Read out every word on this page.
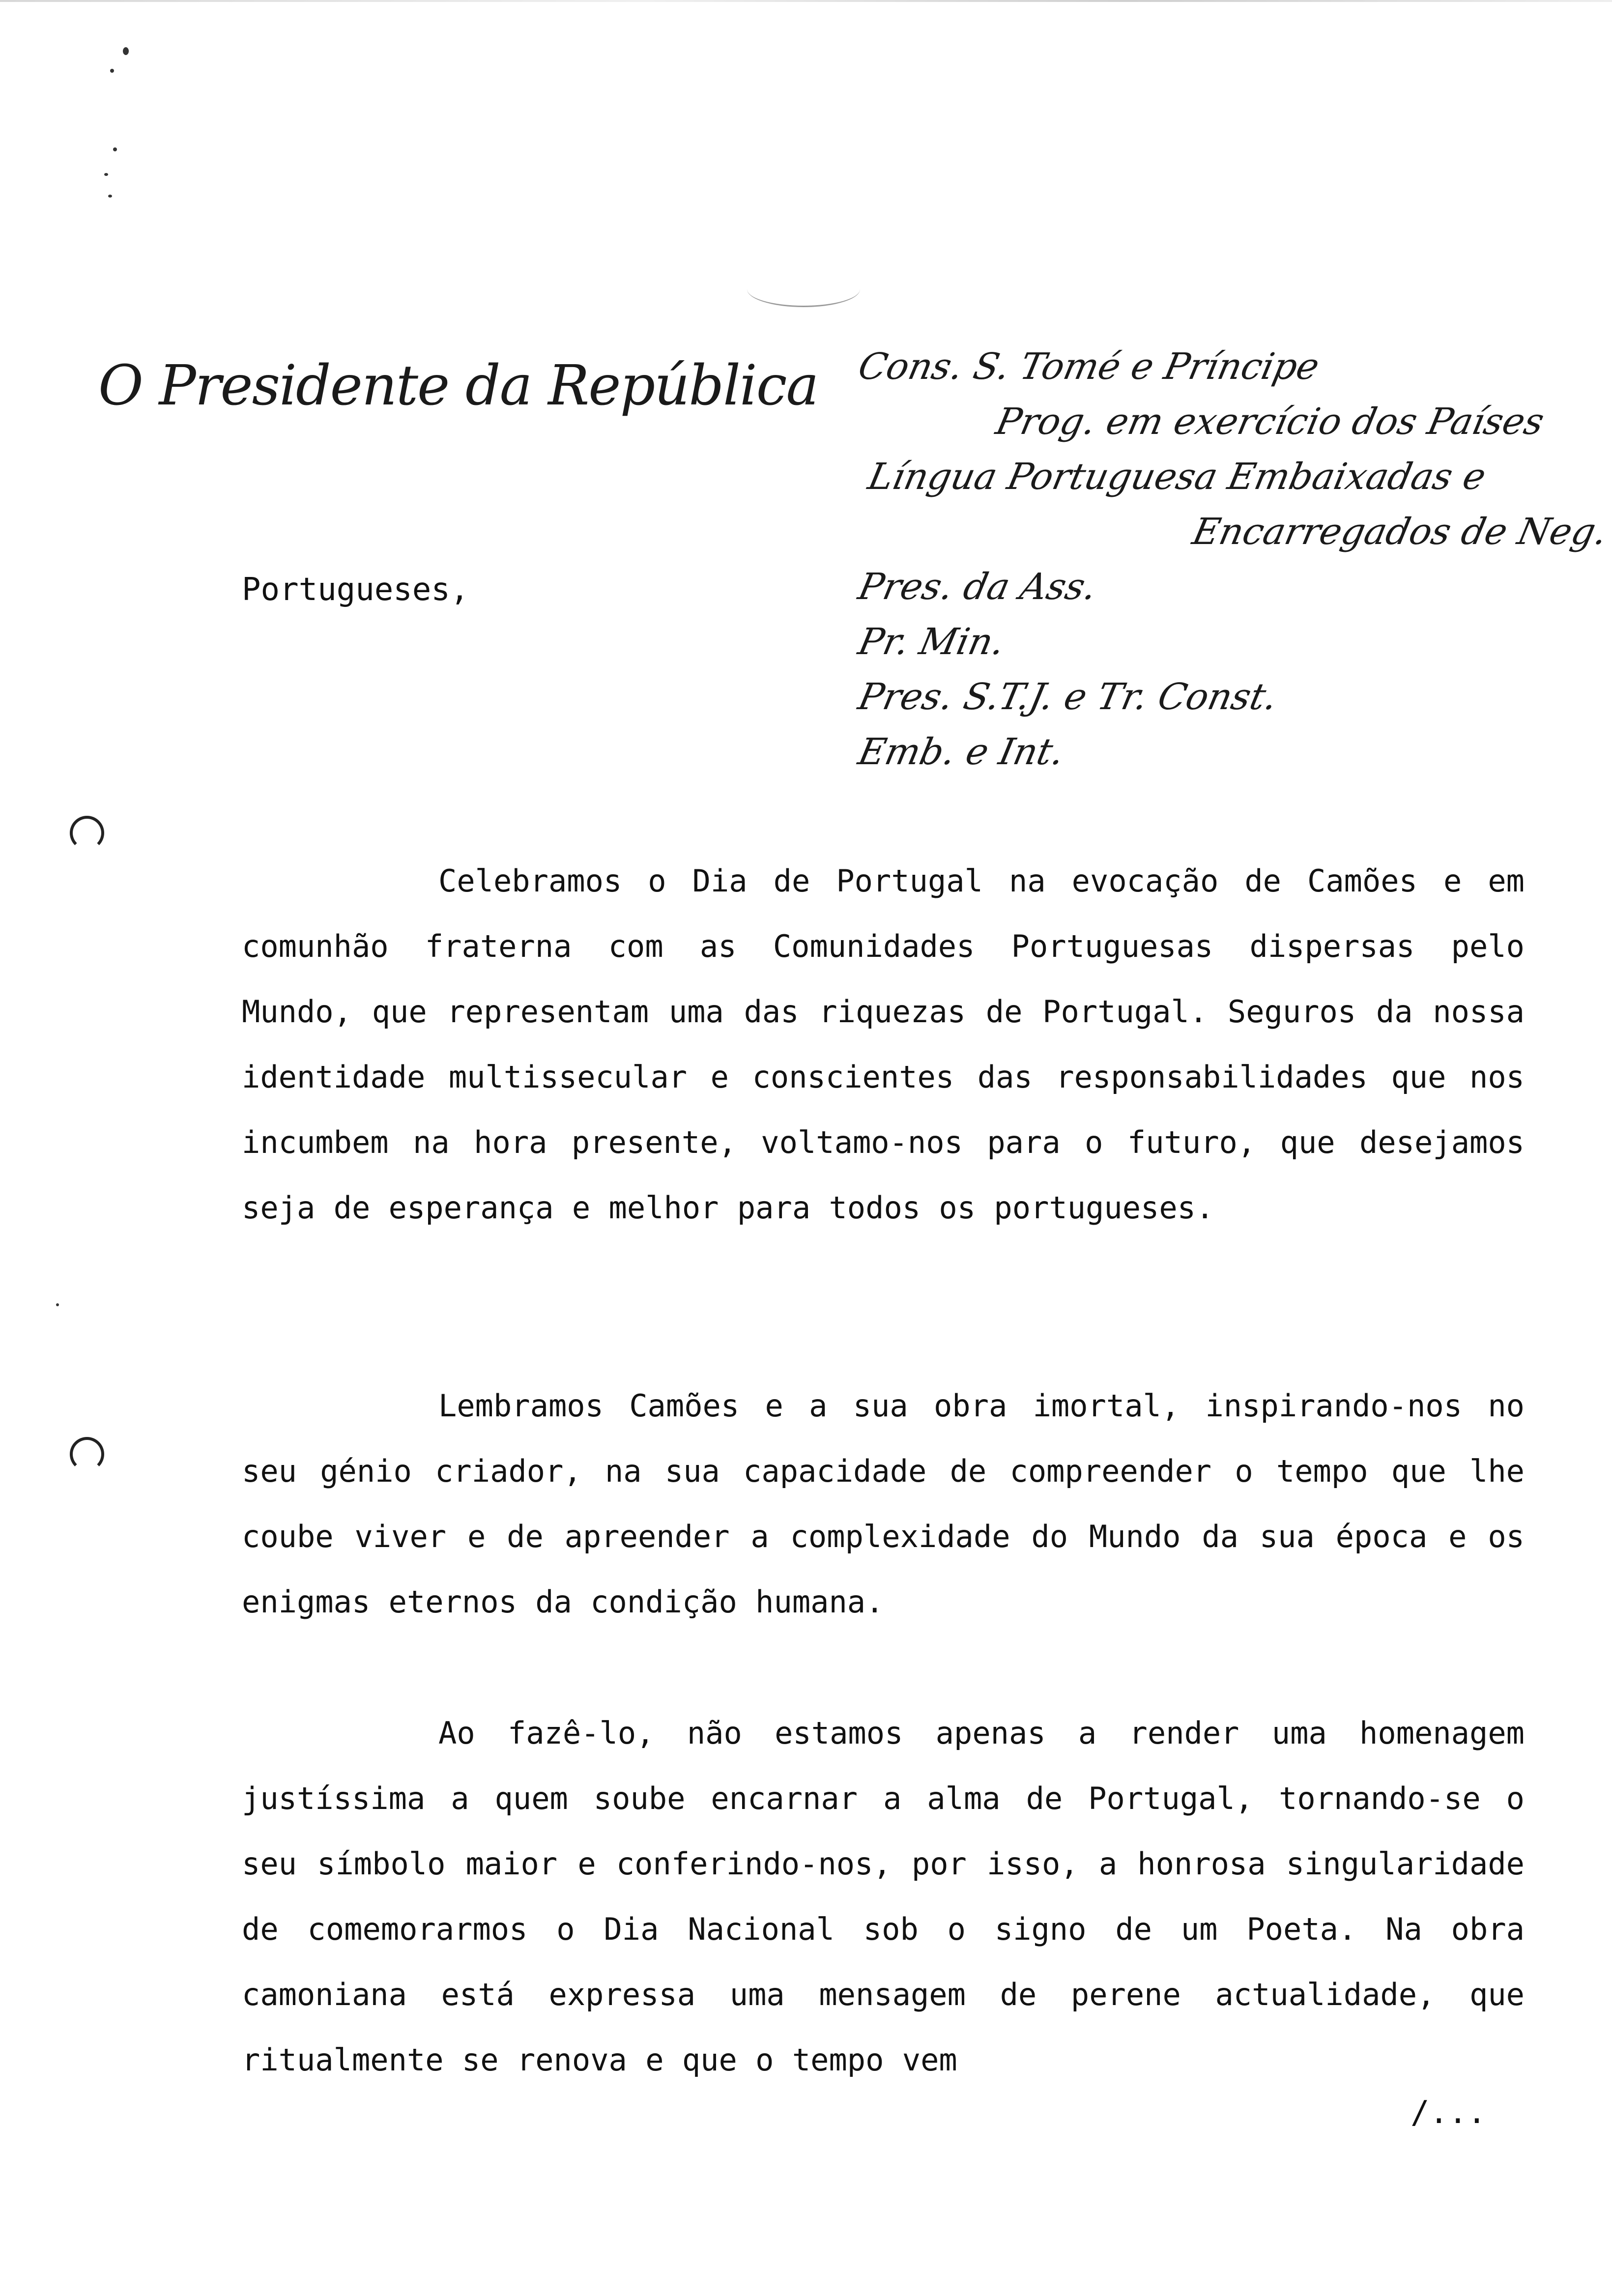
O Presidente da República Cons. S. Tomé e Príncipe
Prog. em exercício dos Países
Língua Portuguesa Embaixadas e
Encarregados de Neg.
Pres. da Ass.
Pr. Min.
Pres. S.T.J. e Tr. Const.
Emb. e Int.
Portugueses,

Celebramos o Dia de Portugal na evocação de Camões e em comunhão fraterna com as Comunidades Portuguesas dispersas pelo Mundo, que representam uma das riquezas de Portugal. Seguros da nossa identidade multissecular e conscientes das responsabilidades que nos incumbem na hora presente, voltamo-nos para o futuro, que desejamos seja de esperança e melhor para todos os portugueses.

Lembramos Camões e a sua obra imortal, inspirando-nos no seu génio criador, na sua capacidade de compreender o tempo que lhe coube viver e de apreender a complexidade do Mundo da sua época e os enigmas eternos da condição humana.

Ao fazê-lo, não estamos apenas a render uma homenagem justíssima a quem soube encarnar a alma de Portugal, tornando-se o seu símbolo maior e conferindo-nos, por isso, a honrosa singularidade de comemorarmos o Dia Nacional sob o signo de um Poeta. Na obra camoniana está expressa uma mensagem de perene actualidade, que ritualmente se renova e que o tempo vem

/...
